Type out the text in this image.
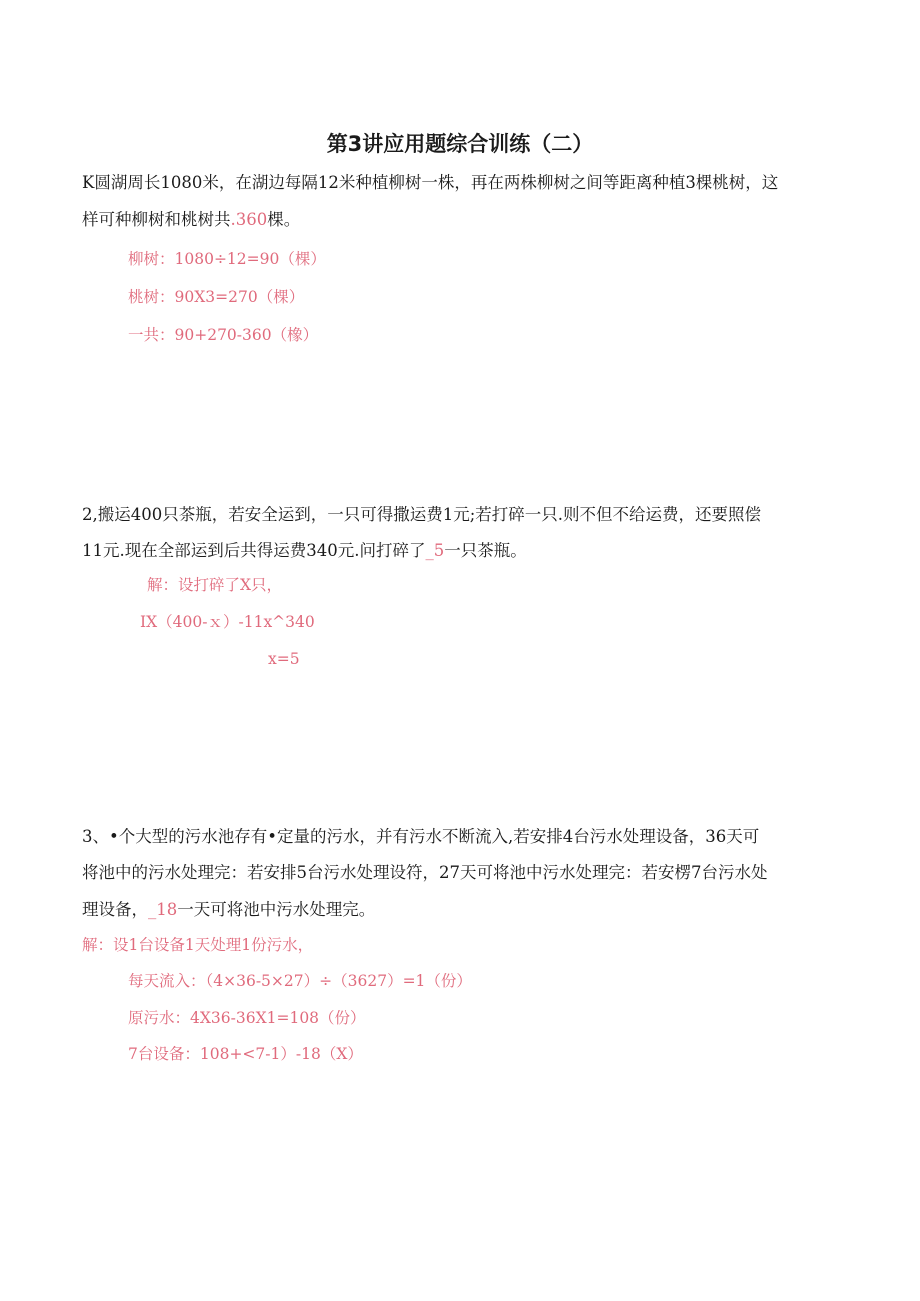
第3讲应用题综合训练（二）
K圆湖周长1080米，在湖边每隔12米种植柳树一株，再在两株柳树之间等距离种植3棵桃树，这
样可种柳树和桃树共.360棵。
柳树：1080÷12=90（棵）
桃树：90X3=270（棵）
一共：90+270-360（橡）
2,搬运400只茶瓶，若安全运到，一只可得撒运费1元;若打碎一只.则不但不给运费，还要照偿
11元.现在全部运到后共得运费340元.问打碎了_5一只茶瓶。
解：设打碎了X只，
IX（400-ｘ）-11x^340
x=5
3、•个大型的污水池存有•定量的污水，并有污水不断流入,若安排4台污水处理设备，36天可
将池中的污水处理完：若安排5台污水处理设符，27天可将池中污水处理完：若安楞7台污水处
理设备，_18一天可将池中污水处理完。
解：设1台设备1天处理1份污水，
每天流入：（4×36-5×27）÷（3627）=1（份）
原污水：4X36-36X1=108（份）
7台设备：108+<7-1）-18（X）
